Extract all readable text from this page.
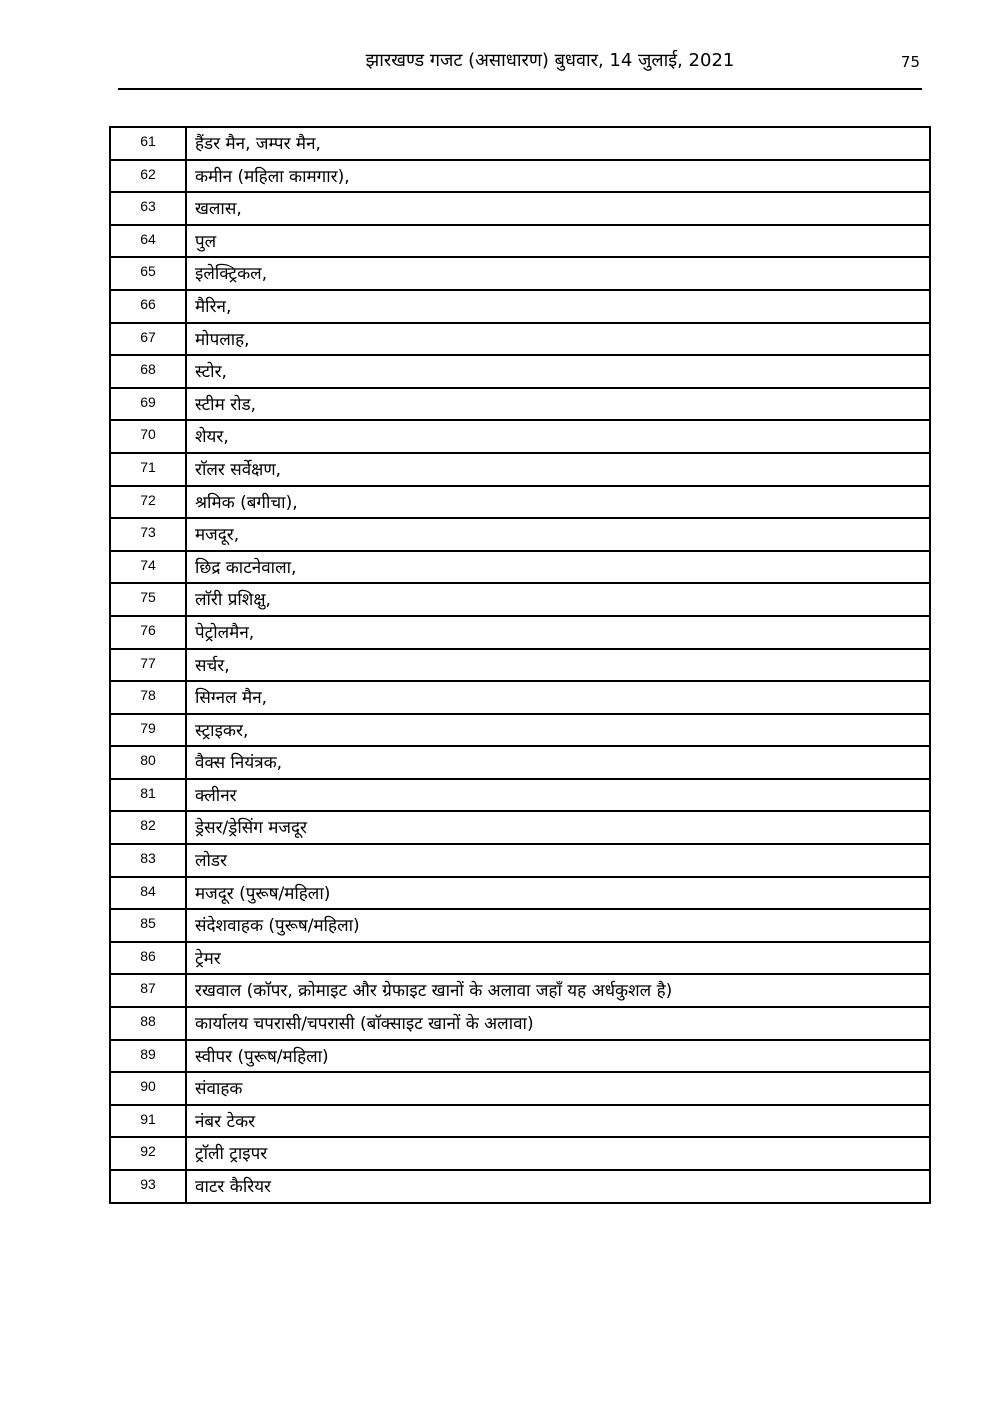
झारखण्ड गजट (असाधारण) बुधवार, 14 जुलाई, 2021	75
61	हैंडर मैन, जम्पर मैन,
62	कमीन (महिला कामगार),
63	खलास,
64	पुल
65	इलेक्ट्रिकल,
66	मैरिन,
67	मोपलाह,
68	स्टोर,
69	स्टीम रोड,
70	शेयर,
71	राॅलर सर्वेक्षण,
72	श्रमिक (बगीचा),
73	मजदूर,
74	छिद्र काटनेवाला,
75	लाॅरी प्रशिक्षु,
76	पेट्रोलमैन,
77	सर्चर,
78	सिग्नल मैन,
79	स्ट्राइकर,
80	वैक्स नियंत्रक,
81	क्लीनर
82	ड्रेसर/ड्रेसिंग मजदूर
83	लोडर
84	मजदूर (पुरूष/महिला)
85	संदेशवाहक (पुरूष/महिला)
86	ट्रेमर
87	रखवाल (काॅपर, क्रोमाइट और ग्रेफाइट खानों के अलावा जहाँ यह अर्धकुशल है)
88	कार्यालय चपरासी/चपरासी (बाॅक्साइट खानों के अलावा)
89	स्वीपर (पुरूष/महिला)
90	संवाहक
91	नंबर टेकर
92	ट्राॅली ट्राइपर
93	वाटर कैरियर
